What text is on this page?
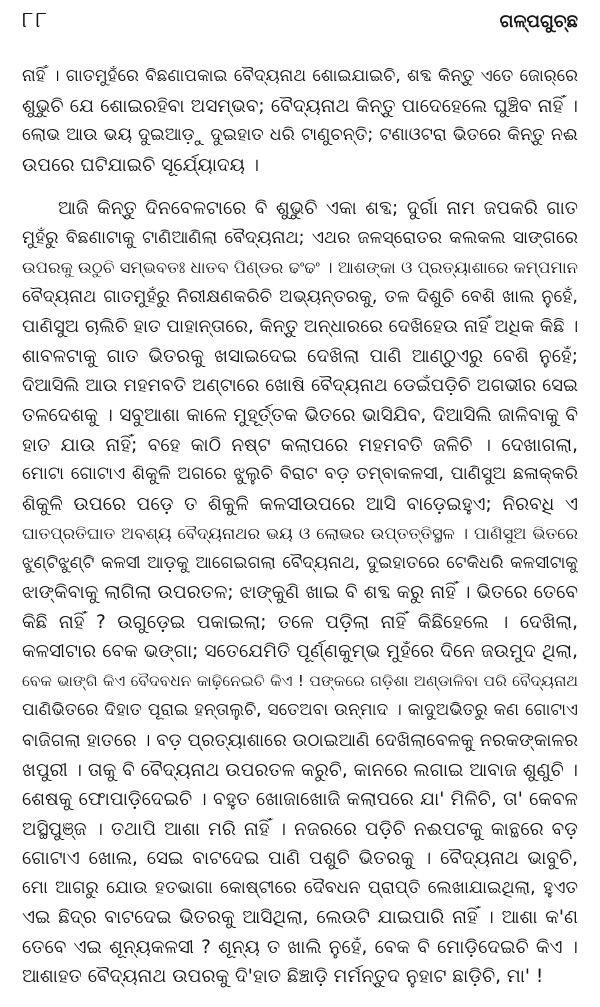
୮୮	ଗଳ୍ପଗୁଚ୍ଛ
ନାହିଁ । ଗାତମୁହଁରେ ବିଛଣାପକାଇ ବୈଦ୍ୟନାଥ ଶୋଇଯାଇଚି, ଶବ୍ଦ କିନ୍ତୁ ଏତେ ଜୋର୍‌ରେ
ଶୁଭୁଚି ଯେ ଶୋଇରହିବା ଅସମ୍ଭବ; ବୈଦ୍ୟନାଥ କିନ୍ତୁ ପାଦେହେଲେ ଘୁଞ୍ଚିବ ନାହିଁ ।
ଲୋଭ ଆଉ ଭୟ ଦୁଇଆଡ଼ୁ ଦୁଇହାତ ଧରି ଟାଣୁଚନ୍ତି; ଟଣାଓଟରା ଭିତରେ କିନ୍ତୁ ନଈ
ଉପରେ ଘଟିଯାଇଚି ସୂର୍ଯ୍ୟୋଦୟ ।
ଆଜି କିନ୍ତୁ ଦିନବେଳଟାରେ ବି ଶୁଭୁଚି ଏକା ଶବ୍ଦ; ଦୁର୍ଗା ନାମ ଜପକରି ଗାତ
ମୁହଁରୁ ବିଛଣାଟାକୁ ଟାଣିଆଣିଲା ବୈଦ୍ୟନାଥ; ଏଥର ଜଳସ୍ରୋତର କଲକଲ ସାଙ୍ଗରେ
ଉପରକୁ ଉଠୁଚି ସମ୍ଭବତଃ ଧାତବ ପିଣ୍ଡର ଢଂଢଂ । ଆଶଙ୍କା ଓ ପ୍ରତ୍ୟାଶାରେ କମ୍ପମାନ
ବୈଦ୍ୟନାଥ ଗାତମୁହଁରୁ ନିରୀକ୍ଷଣକରିଚି ଅଭ୍ୟନ୍ତରକୁ, ତଳ ଦିଶୁଚି ବେଶି ଖାଲ ନୁହେଁ,
ପାଣିସୁଅ ଚାଲିଚି ହାତ ପାହାନ୍ତାରେ, କିନ୍ତୁ ଅନ୍ଧାରରେ ଦେଖିହେଉ ନାହିଁ ଅଧିକ କିଛି ।
ଶାବଳଟାକୁ ଗାତ ଭିତରକୁ ଖସାଇଦେଇ ଦେଖିଲା ପାଣି ଆଣ୍ଠୁଏରୁ ବେଶି ନୁହେଁ;
ଦିଆସିଲି ଆଉ ମହମବତି ଅଣ୍ଟାରେ ଖୋଷି ବୈଦ୍ୟନାଥ ଡେଇଁପଡ଼ିଚି ଅଗଭୀର ସେଇ
ତଳଦେଶକୁ । ସବୁଆଶା କାଳେ ମୁହୂର୍ତ୍ତକ ଭିତରେ ଭାସିଯିବ, ଦିଆସିଲି ଜାଳିବାକୁ ବି
ହାତ ଯାଉ ନାହିଁ; ବହେ କାଠି ନଷ୍ଟ କଲାପରେ ମହମବତି ଜଳିଚି । ଦେଖାଗଲା,
ମୋଟା ଗୋଟାଏ ଶିକୁଳି ଅଗରେ ଝୁଲୁଚି ବିରାଟ ବଡ଼ ତମ୍ବାକଳସୀ, ପାଣିସୁଅ ଛଳାକ୍‌କରି
ଶିକୁଳି ଉପରେ ପଡ଼େ ତ ଶିକୁଳି କଳସୀଉପରେ ଆସି ବାଡ଼େଇହୁଏ; ନିରବଧି ଏ
ଘାତପ୍ରତିଘାତ ଅବଶ୍ୟ ବୈଦ୍ୟନାଥର ଭୟ ଓ ଲୋଭର ଉପ୍ତତ୍ତିସ୍ଥଳ । ପାଣିସୁଅ ଭିତରେ
ଝୁଣ୍ଟିଝୁଣ୍ଟି କଳସୀ ଆଡ଼କୁ ଆଗେଇଗଲା ବୈଦ୍ୟନାଥ, ଦୁଇହାତରେ ଟେକିଧରି କଳସୀଟାକୁ
ଝାଙ୍କିବାକୁ ଲାଗିଲା ଉପରତଳ; ଝାଙ୍କୁଣି ଖାଇ ବି ଶବ୍ଦ କରୁ ନାହିଁ । ଭିତରେ ତେବେ
କିଛି ନାହିଁ ? ଉଗୁଡ଼େଇ ପକାଇଲା; ତଳେ ପଡ଼ିଲା ନାହିଁ କିଛିହେଲେ । ଦେଖିଲା,
କଳସୀଟାର ବେକ ଭଙ୍ଗା; ସତେଯେମିତି ପୂର୍ଣ୍ଣକୁମ୍ଭ ମୁହଁରେ ଦିନେ ଜଉମୁଦ ଥିଲା,
ବେକ ଭାଙ୍ଗି କିଏ ବୈଦବଧନ କାଢ଼ିନେଇଚି କିଏ ! ପଙ୍କରେ ଗଡ଼ିଶା ଅଣ୍ଡାଳିବା ପରି ବୈଦ୍ୟନାଥ
ପାଣିଭିତରେ ଦିହାତ ପୂରାଇ ହନ୍ତାଲୁଚି, ସତେଅବା ଉନ୍ମାଦ । କାଦୁଅଭିତରୁ କଣ ଗୋଟାଏ
ବାଜିଗଲା ହାତରେ । ବଡ଼ ପ୍ରତ୍ୟାଶାରେ ଉଠାଇଆଣି ଦେଖିଲାବେଳକୁ ନରକଙ୍କାଳର
ଖପୁରୀ । ତାକୁ ବି ବୈଦ୍ୟନାଥ ଉପରତଳ କରୁଚି, କାନରେ ଲଗାଇ ଆବାଜ ଶୁଣୁଚି ।
ଶେଷକୁ ଫୋପାଡ଼ିଦେଇଚି । ବହୁତ ଖୋଜାଖୋଜି କଲାପରେ ଯା' ମିଳିଚି, ତା' କେବଳ
ଅସ୍ଥିପୁଞ୍ଜ । ତଥାପି ଆଶା ମରି ନାହିଁ । ନଜରରେ ପଡ଼ିଚି ନଈପଟକୁ କାନ୍ଥରେ ବଡ଼
ଗୋଟାଏ ଖୋଲ, ସେଇ ବାଟଦେଇ ପାଣି ପଶୁଚି ଭିତରକୁ । ବୈଦ୍ୟନାଥ ଭାବୁଚି,
ମୋ ଆଗରୁ ଯୋଉ ହତଭାଗା କୋଷ୍ଟୀରେ ଦୈବଧନ ପ୍ରାପ୍ତି ଲେଖାଯାଇଥିଲା, ହୁଏତ
ଏଇ ଛିଦ୍ର ବାଟଦେଇ ଭିତରକୁ ଆସିଥିଲା, ଲେଉଟି ଯାଇପାରି ନାହିଁ । ଆଶା କ'ଣ
ତେବେ ଏଇ ଶୂନ୍ୟକଳସୀ ? ଶୂନ୍ୟ ତ ଖାଲି ନୁହେଁ, ବେକ ବି ମୋଡ଼ିଦେଇଚି କିଏ ।
ଆଶାହତ ବୈଦ୍ୟନାଥ ଉପରକୁ ଦି'ହାତ ଛିଞ୍ଚାଡ଼ି ମର୍ମନ୍ତୁଦ ନୁହାଟ ଛାଡ଼ିଚି, ମା' !
